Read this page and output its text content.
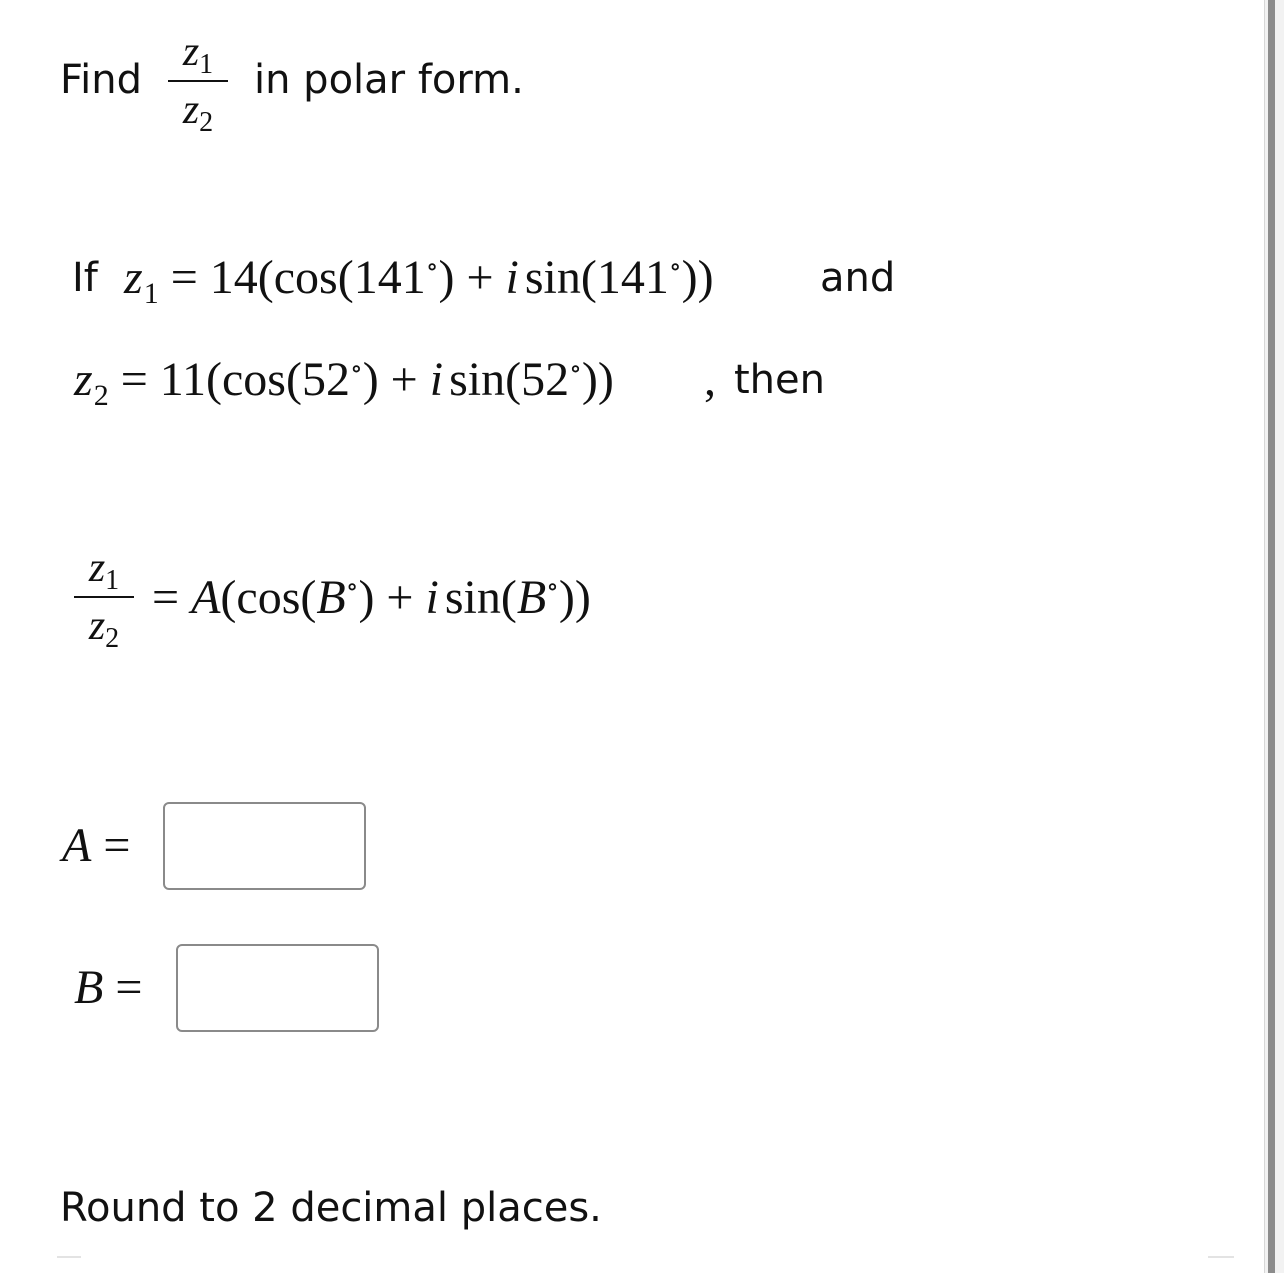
Find
z1
z2
in polar form.
If $z_1 = 14(\cos(141^\circ) + i$ sin(141∘))	and
$z_2 = 11(\cos(52^\circ) + i$ sin(52∘)) , then
z1
z2
= A(cos(B∘) + i sin(B∘))
A =
B =
Round to 2 decimal places.
